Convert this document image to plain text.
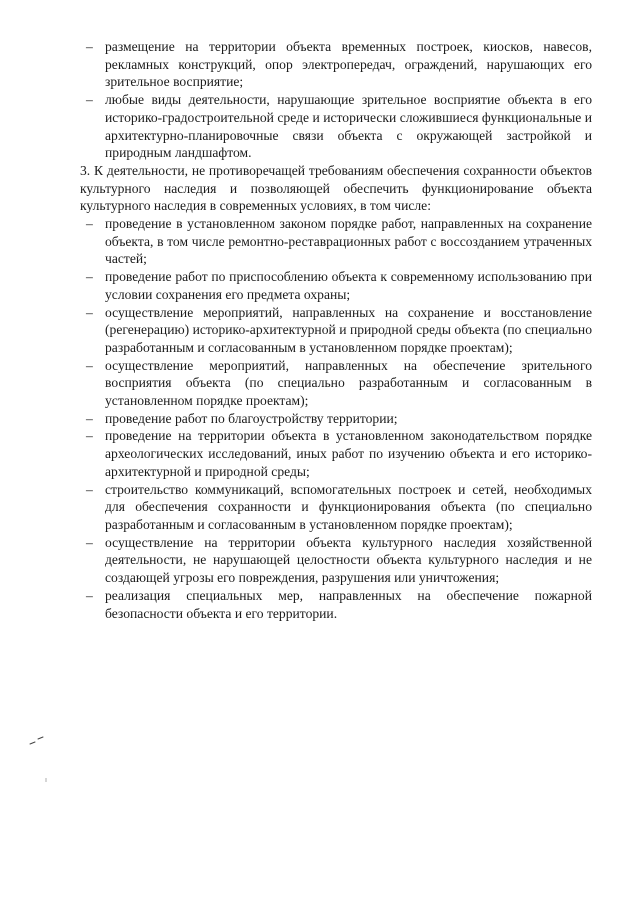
– размещение на территории объекта временных построек, киосков, навесов, рекламных конструкций, опор электропередач, ограждений, нарушающих его зрительное восприятие;
– любые виды деятельности, нарушающие зрительное восприятие объекта в его историко-градостроительной среде и исторически сложившиеся функциональные и архитектурно-планировочные связи объекта с окружающей застройкой и природным ландшафтом.
3. К деятельности, не противоречащей требованиям обеспечения сохранности объектов культурного наследия и позволяющей обеспечить функционирование объекта культурного наследия в современных условиях, в том числе:
– проведение в установленном законом порядке работ, направленных на сохранение объекта, в том числе ремонтно-реставрационных работ с воссозданием утраченных частей;
– проведение работ по приспособлению объекта к современному использованию при условии сохранения его предмета охраны;
– осуществление мероприятий, направленных на сохранение и восстановление (регенерацию) историко-архитектурной и природной среды объекта (по специально разработанным и согласованным в установленном порядке проектам);
– осуществление мероприятий, направленных на обеспечение зрительного восприятия объекта (по специально разработанным и согласованным в установленном порядке проектам);
– проведение работ по благоустройству территории;
– проведение на территории объекта в установленном законодательством порядке археологических исследований, иных работ по изучению объекта и его историко-архитектурной и природной среды;
– строительство коммуникаций, вспомогательных построек и сетей, необходимых для обеспечения сохранности и функционирования объекта (по специально разработанным и согласованным в установленном порядке проектам);
– осуществление на территории объекта культурного наследия хозяйственной деятельности, не нарушающей целостности объекта культурного наследия и не создающей угрозы его повреждения, разрушения или уничтожения;
– реализация специальных мер, направленных на обеспечение пожарной безопасности объекта и его территории.
